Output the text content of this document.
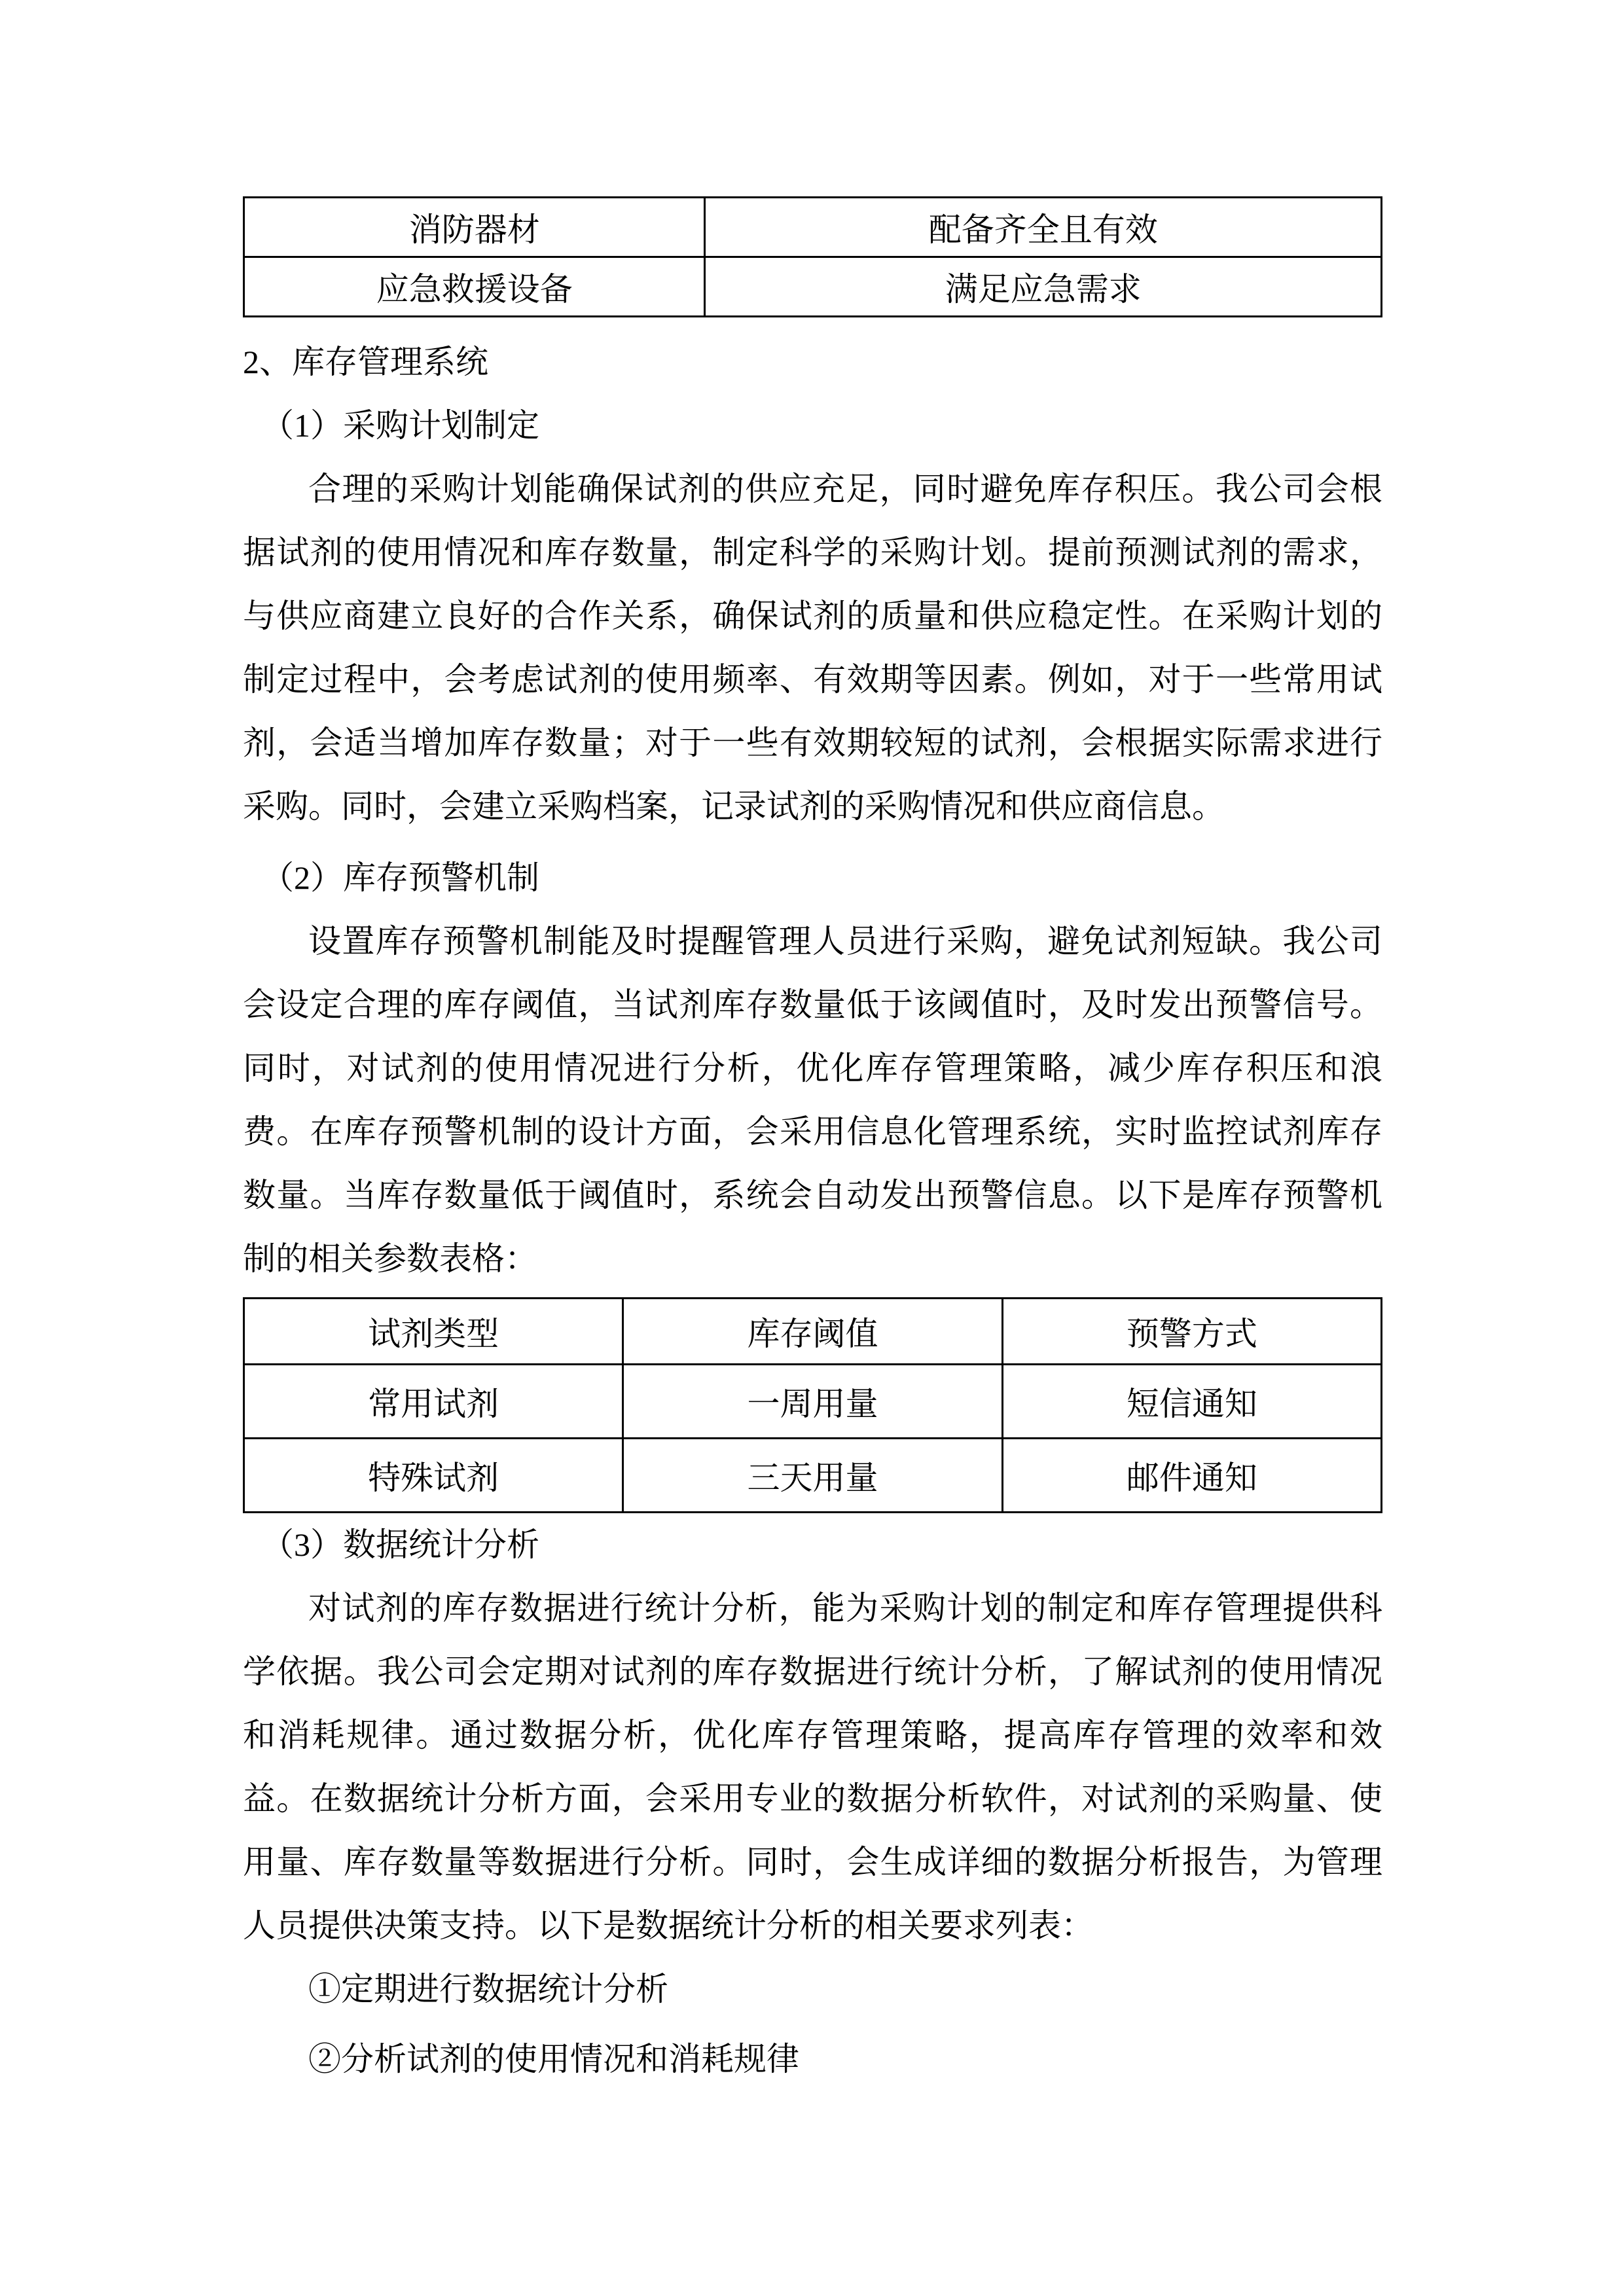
消防器材	配备齐全且有效
应急救援设备	满足应急需求
2、库存管理系统
（1）采购计划制定

合理的采购计划能确保试剂的供应充足，同时避免库存积压。我公司会根据试剂的使用情况和库存数量，制定科学的采购计划。提前预测试剂的需求，与供应商建立良好的合作关系，确保试剂的质量和供应稳定性。在采购计划的制定过程中，会考虑试剂的使用频率、有效期等因素。例如，对于一些常用试剂，会适当增加库存数量；对于一些有效期较短的试剂，会根据实际需求进行采购。同时，会建立采购档案，记录试剂的采购情况和供应商信息。

（2）库存预警机制

设置库存预警机制能及时提醒管理人员进行采购，避免试剂短缺。我公司会设定合理的库存阈值，当试剂库存数量低于该阈值时，及时发出预警信号。同时，对试剂的使用情况进行分析，优化库存管理策略，减少库存积压和浪费。在库存预警机制的设计方面，会采用信息化管理系统，实时监控试剂库存数量。当库存数量低于阈值时，系统会自动发出预警信息。以下是库存预警机制的相关参数表格：

试剂类型	库存阈值	预警方式
常用试剂	一周用量	短信通知
特殊试剂	三天用量	邮件通知
（3）数据统计分析

对试剂的库存数据进行统计分析，能为采购计划的制定和库存管理提供科学依据。我公司会定期对试剂的库存数据进行统计分析，了解试剂的使用情况和消耗规律。通过数据分析，优化库存管理策略，提高库存管理的效率和效益。在数据统计分析方面，会采用专业的数据分析软件，对试剂的采购量、使用量、库存数量等数据进行分析。同时，会生成详细的数据分析报告，为管理人员提供决策支持。以下是数据统计分析的相关要求列表：

①定期进行数据统计分析
②分析试剂的使用情况和消耗规律
